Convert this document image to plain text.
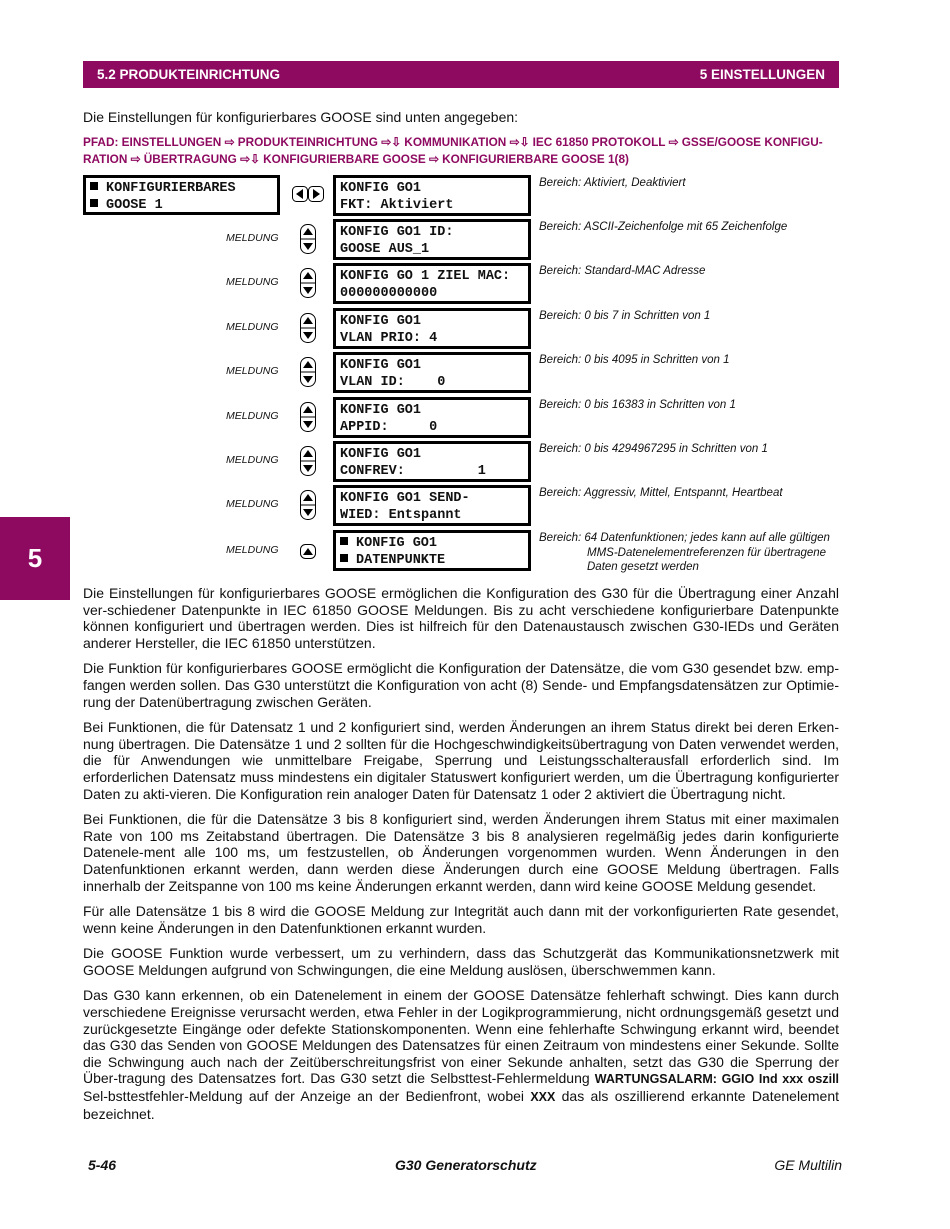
5.2 PRODUKTEINRICHTUNG	5 EINSTELLUNGEN
Die Einstellungen für konfigurierbares GOOSE sind unten angegeben:
PFAD: EINSTELLUNGEN ⇨ PRODUKTEINRICHTUNG ⇨⇩ KOMMUNIKATION ⇨⇩ IEC 61850 PROTOKOLL ⇨ GSSE/GOOSE KONFIGU-
RATION ⇨ ÜBERTRAGUNG ⇨⇩ KONFIGURIERBARE GOOSE ⇨ KONFIGURIERBARE GOOSE 1(8)
5
KONFIGURIERBARES
GOOSE 1
KONFIG GO1
FKT: Aktiviert
Bereich: Aktiviert, Deaktiviert
MELDUNG	KONFIG GO1 ID:
GOOSE AUS_1
Bereich: ASCII-Zeichenfolge mit 65 Zeichenfolge
MELDUNG	KONFIG GO 1 ZIEL MAC:
000000000000
Bereich: Standard-MAC Adresse
MELDUNG	KONFIG GO1
VLAN PRIO: 4
Bereich: 0 bis 7 in Schritten von 1
MELDUNG	KONFIG GO1
VLAN ID:    0
Bereich: 0 bis 4095 in Schritten von 1
MELDUNG	KONFIG GO1
APPID:     0
Bereich: 0 bis 16383 in Schritten von 1
MELDUNG	KONFIG GO1
CONFREV:         1
Bereich: 0 bis 4294967295 in Schritten von 1
MELDUNG	KONFIG GO1 SEND-
WIED: Entspannt
Bereich: Aggressiv, Mittel, Entspannt, Heartbeat
MELDUNG	KONFIG GO1
DATENPUNKTE
Bereich: 64 Datenfunktionen; jedes kann auf alle gültigen
MMS-Datenelementreferenzen für übertragene
Daten gesetzt werden

Die Einstellungen für konfigurierbares GOOSE ermöglichen die Konfiguration des G30 für die Übertragung einer Anzahl ver-schiedener Datenpunkte in IEC 61850 GOOSE Meldungen. Bis zu acht verschiedene konfigurierbare Datenpunkte können konfiguriert und übertragen werden. Dies ist hilfreich für den Datenaustausch zwischen G30-IEDs und Geräten anderer Hersteller, die IEC 61850 unterstützen.

Die Funktion für konfigurierbares GOOSE ermöglicht die Konfiguration der Datensätze, die vom G30 gesendet bzw. emp-fangen werden sollen. Das G30 unterstützt die Konfiguration von acht (8) Sende- und Empfangsdatensätzen zur Optimie-rung der Datenübertragung zwischen Geräten.

Bei Funktionen, die für Datensatz 1 und 2 konfiguriert sind, werden Änderungen an ihrem Status direkt bei deren Erken-nung übertragen. Die Datensätze 1 und 2 sollten für die Hochgeschwindigkeitsübertragung von Daten verwendet werden, die für Anwendungen wie unmittelbare Freigabe, Sperrung und Leistungsschalterausfall erforderlich sind. Im erforderlichen Datensatz muss mindestens ein digitaler Statuswert konfiguriert werden, um die Übertragung konfigurierter Daten zu akti-vieren. Die Konfiguration rein analoger Daten für Datensatz 1 oder 2 aktiviert die Übertragung nicht.

Bei Funktionen, die für die Datensätze 3 bis 8 konfiguriert sind, werden Änderungen ihrem Status mit einer maximalen Rate von 100 ms Zeitabstand übertragen. Die Datensätze 3 bis 8 analysieren regelmäßig jedes darin konfigurierte Datenele-ment alle 100 ms, um festzustellen, ob Änderungen vorgenommen wurden. Wenn Änderungen in den Datenfunktionen erkannt werden, dann werden diese Änderungen durch eine GOOSE Meldung übertragen. Falls innerhalb der Zeitspanne von 100 ms keine Änderungen erkannt werden, dann wird keine GOOSE Meldung gesendet.

Für alle Datensätze 1 bis 8 wird die GOOSE Meldung zur Integrität auch dann mit der vorkonfigurierten Rate gesendet, wenn keine Änderungen in den Datenfunktionen erkannt wurden.

Die GOOSE Funktion wurde verbessert, um zu verhindern, dass das Schutzgerät das Kommunikationsnetzwerk mit GOOSE Meldungen aufgrund von Schwingungen, die eine Meldung auslösen, überschwemmen kann.

Das G30 kann erkennen, ob ein Datenelement in einem der GOOSE Datensätze fehlerhaft schwingt. Dies kann durch verschiedene Ereignisse verursacht werden, etwa Fehler in der Logikprogrammierung, nicht ordnungsgemäß gesetzt und zurückgesetzte Eingänge oder defekte Stationskomponenten. Wenn eine fehlerhafte Schwingung erkannt wird, beendet das G30 das Senden von GOOSE Meldungen des Datensatzes für einen Zeitraum von mindestens einer Sekunde. Sollte die Schwingung auch nach der Zeitüberschreitungsfrist von einer Sekunde anhalten, setzt das G30 die Sperrung der Über-tragung des Datensatzes fort. Das G30 setzt die Selbsttest-Fehlermeldung WARTUNGSALARM: GGIO Ind xxx oszill Sel-bsttestfehler-Meldung auf der Anzeige an der Bedienfront, wobei XXX das als oszillierend erkannte Datenelement bezeichnet.

5-46	G30 Generatorschutz	GE Multilin
